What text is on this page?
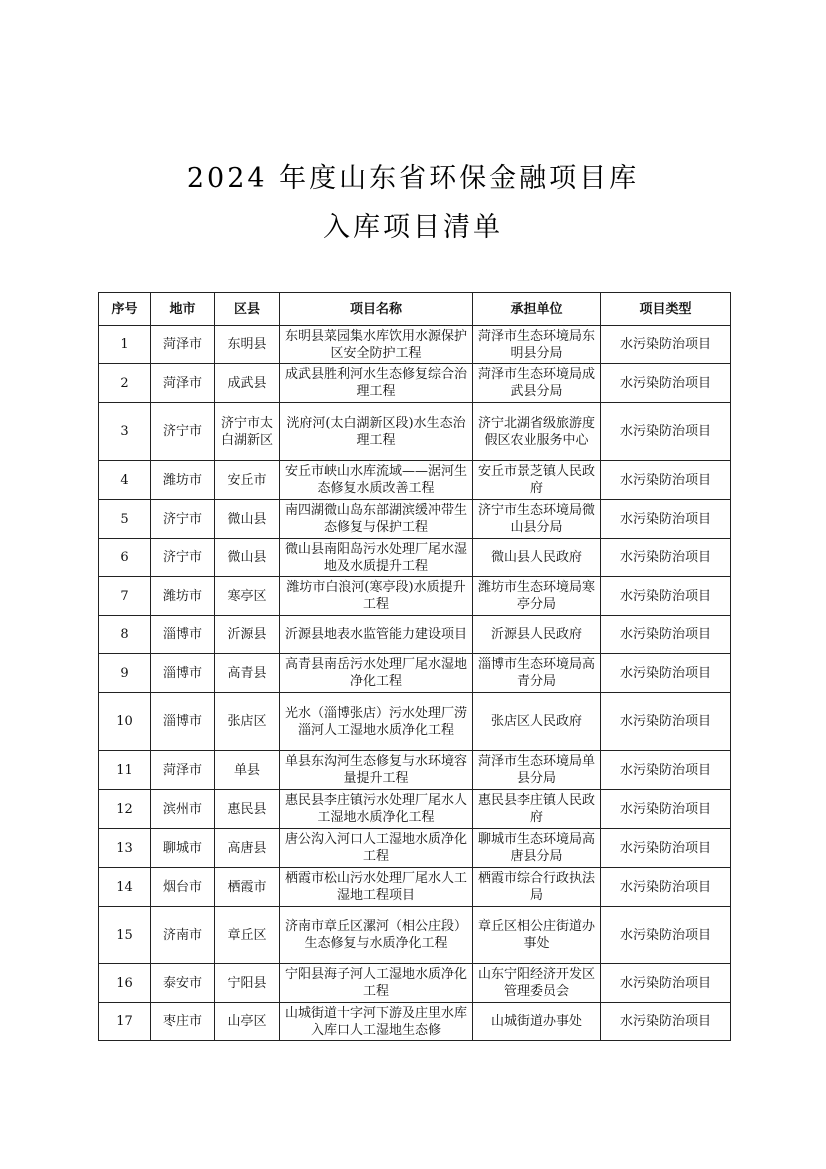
2024 年度山东省环保金融项目库
入库项目清单
序号	地市	区县	项目名称	承担单位	项目类型
1	菏泽市	东明县	东明县菜园集水库饮用水源保护区安全防护工程	菏泽市生态环境局东明县分局	水污染防治项目
2	菏泽市	成武县	成武县胜利河水生态修复综合治理工程	菏泽市生态环境局成武县分局	水污染防治项目
3	济宁市	济宁市太白湖新区	洸府河(太白湖新区段)水生态治理工程	济宁北湖省级旅游度假区农业服务中心	水污染防治项目
4	潍坊市	安丘市	安丘市峡山水库流域——涺河生态修复水质改善工程	安丘市景芝镇人民政府	水污染防治项目
5	济宁市	微山县	南四湖微山岛东部湖滨缓冲带生态修复与保护工程	济宁市生态环境局微山县分局	水污染防治项目
6	济宁市	微山县	微山县南阳岛污水处理厂尾水湿地及水质提升工程	微山县人民政府	水污染防治项目
7	潍坊市	寒亭区	潍坊市白浪河(寒亭段)水质提升工程	潍坊市生态环境局寒亭分局	水污染防治项目
8	淄博市	沂源县	沂源县地表水监管能力建设项目	沂源县人民政府	水污染防治项目
9	淄博市	高青县	高青县南岳污水处理厂尾水湿地净化工程	淄博市生态环境局高青分局	水污染防治项目
10	淄博市	张店区	光水（淄博张店）污水处理厂涝淄河人工湿地水质净化工程	张店区人民政府	水污染防治项目
11	菏泽市	单县	单县东沟河生态修复与水环境容量提升工程	菏泽市生态环境局单县分局	水污染防治项目
12	滨州市	惠民县	惠民县李庄镇污水处理厂尾水人工湿地水质净化工程	惠民县李庄镇人民政府	水污染防治项目
13	聊城市	高唐县	唐公沟入河口人工湿地水质净化工程	聊城市生态环境局高唐县分局	水污染防治项目
14	烟台市	栖霞市	栖霞市松山污水处理厂尾水人工湿地工程项目	栖霞市综合行政执法局	水污染防治项目
15	济南市	章丘区	济南市章丘区漯河（相公庄段）生态修复与水质净化工程	章丘区相公庄街道办事处	水污染防治项目
16	泰安市	宁阳县	宁阳县海子河人工湿地水质净化工程	山东宁阳经济开发区管理委员会	水污染防治项目
17	枣庄市	山亭区	山城街道十字河下游及庄里水库入库口人工湿地生态修	山城街道办事处	水污染防治项目
